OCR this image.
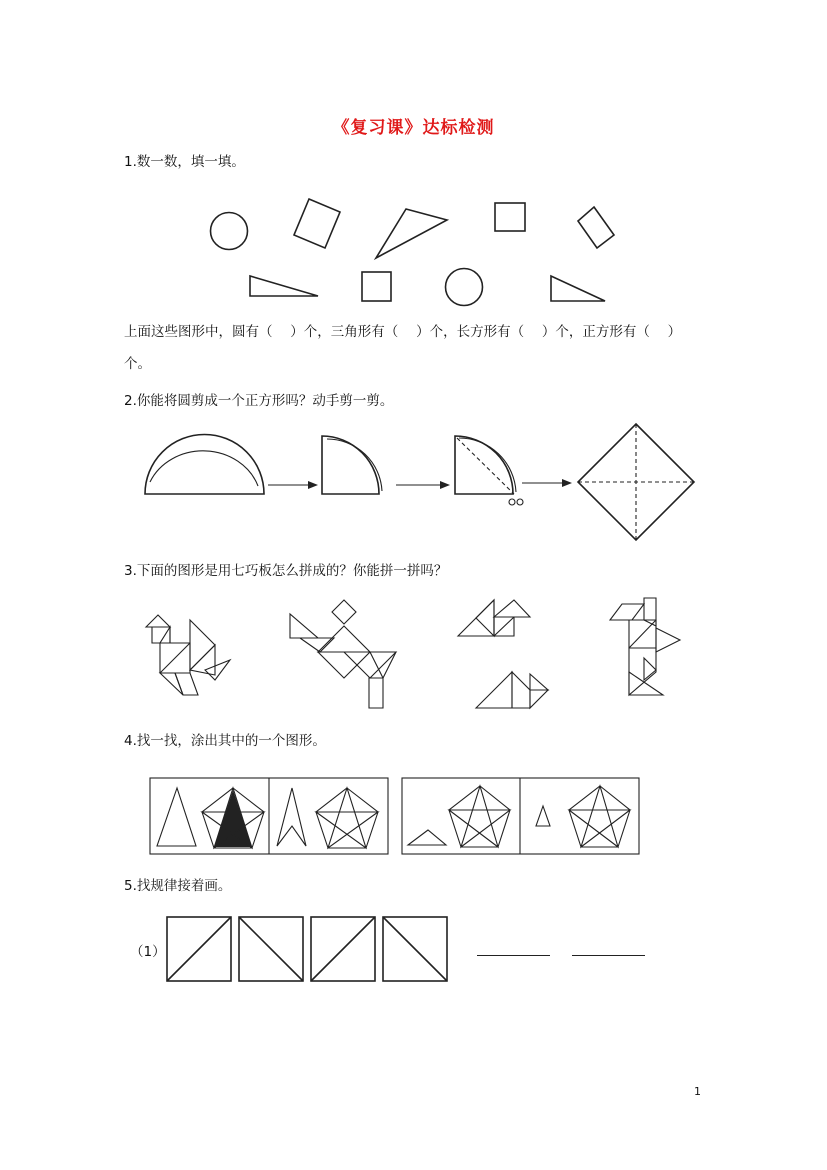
《复习课》达标检测
1.数一数，填一填。
上面这些图形中，圆有（　 ）个，三角形有（　 ）个，长方形有（　 ）个，正方形有（　 ）
个。
2.你能将圆剪成一个正方形吗？动手剪一剪。
3.下面的图形是用七巧板怎么拼成的？你能拼一拼吗？
4.找一找，涂出其中的一个图形。
5.找规律接着画。
（1）
1
